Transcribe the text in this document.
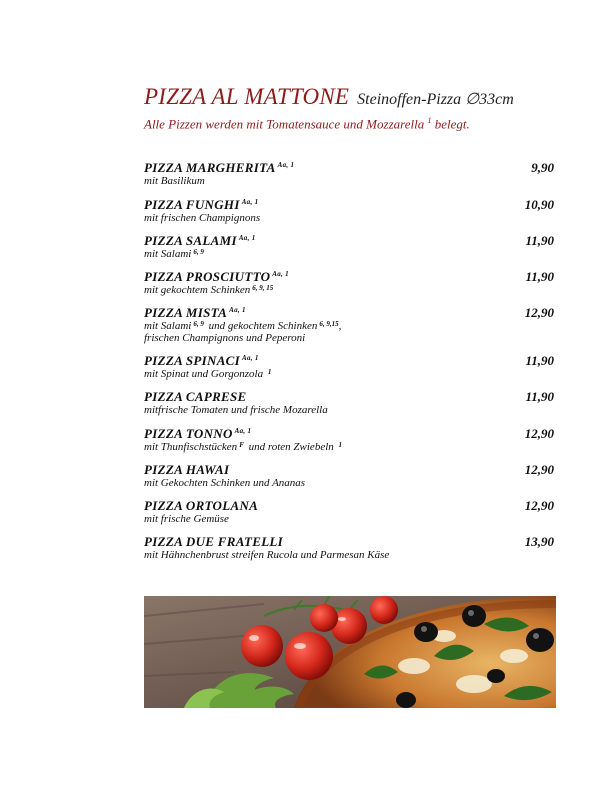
PIZZA AL MATTONE Steinoffen-Pizza ∅33cm
Alle Pizzen werden mit Tomatensauce und Mozzarella $^1$ belegt.
PIZZA MARGHERITA $^{Aa, 1}$
mit Basilikum
9,90
PIZZA FUNGHI $^{Aa, 1}$
mit frischen Champignons
10,90
PIZZA SALAMI $^{Aa, 1}$
mit Salami $^{6, 9}$
11,90
PIZZA PROSCIUTTO $^{Aa, 1}$
mit gekochtem Schinken $^{6, 9, 15}$
11,90
PIZZA MISTA $^{Aa, 1}$
mit Salami $^{6, 9}$ und gekochtem Schinken $^{6, 9,15}$,
frischen Champignons und Peperoni
12,90
PIZZA SPINACI $^{Aa, 1}$
mit Spinat und Gorgonzola $^1$
11,90
PIZZA CAPRESE
mitfrische Tomaten und frische Mozarella
11,90
PIZZA TONNO $^{Aa, 1}$
mit Thunfischstücken $^F$ und roten Zwiebeln $^1$
12,90
PIZZA HAWAI
mit Gekochten Schinken und Ananas
12,90
PIZZA ORTOLANA
mit frische Gemüse
12,90
PIZZA DUE FRATELLI
mit Hähnchenbrust streifen Rucola und Parmesan Käse
13,90
